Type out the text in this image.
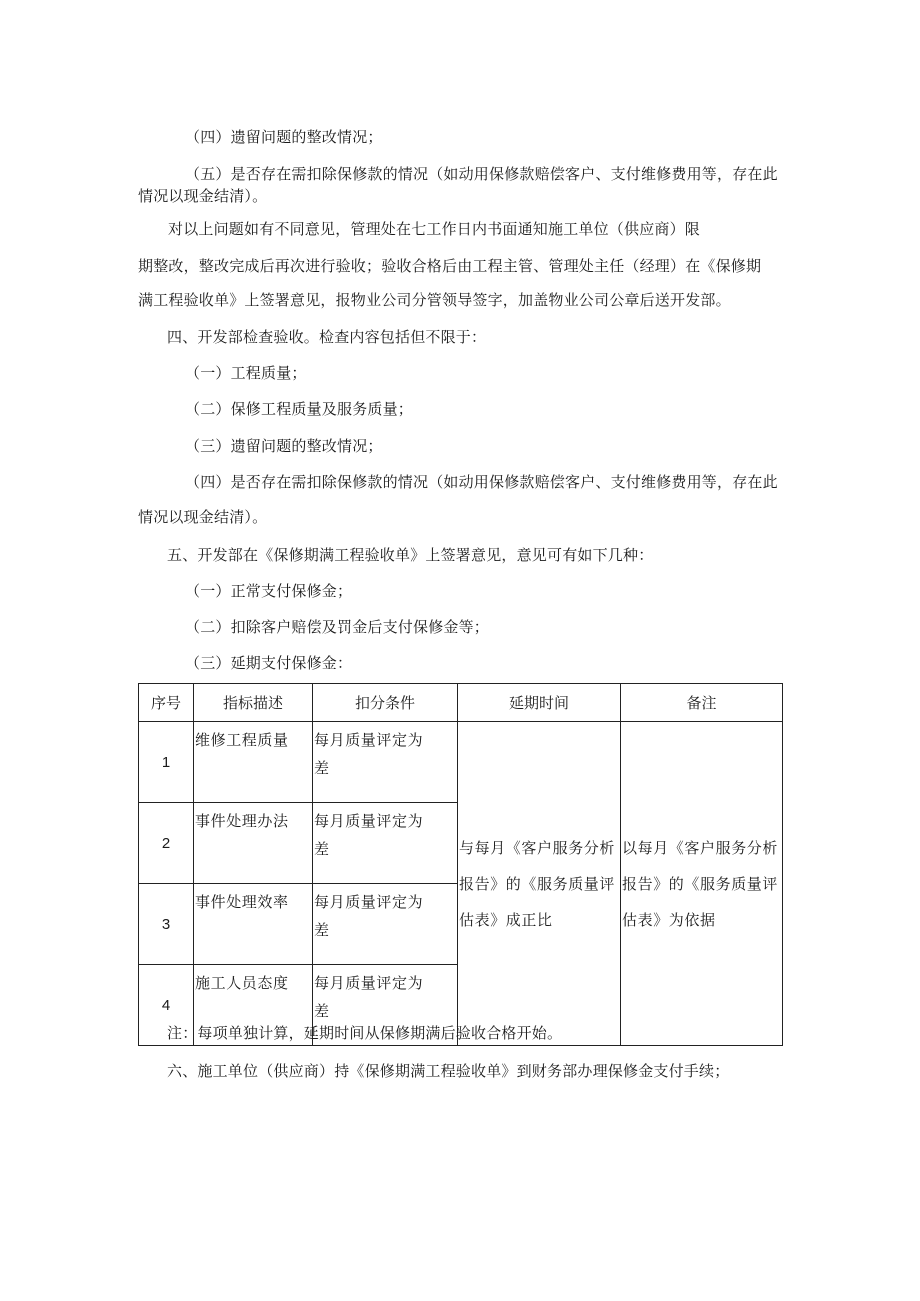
（四）遗留问题的整改情况；
（五）是否存在需扣除保修款的情况（如动用保修款赔偿客户、支付维修费用等，存在此
情况以现金结清）。
对以上问题如有不同意见，管理处在七工作日内书面通知施工单位（供应商）限
期整改，整改完成后再次进行验收；验收合格后由工程主管、管理处主任（经理）在《保修期
满工程验收单》上签署意见，报物业公司分管领导签字，加盖物业公司公章后送开发部。
四、开发部检查验收。检查内容包括但不限于：
（一）工程质量；
（二）保修工程质量及服务质量；
（三）遗留问题的整改情况；
（四）是否存在需扣除保修款的情况（如动用保修款赔偿客户、支付维修费用等，存在此
情况以现金结清）。
五、开发部在《保修期满工程验收单》上签署意见，意见可有如下几种：
（一）正常支付保修金；
（二）扣除客户赔偿及罚金后支付保修金等；
（三）延期支付保修金：
序号	指标描述	扣分条件	延期时间	备注
1	维修工程质量	每月质量评定为
差	与每月《客户服务分析
报告》的《服务质量评
估表》成正比	以每月《客户服务分析
报告》的《服务质量评
估表》为依据

2	事件处理办法	每月质量评定为
差		

3	事件处理效率	每月质量评定为
差		

4	施工人员态度	每月质量评定为
差		
注：每项单独计算，延期时间从保修期满后验收合格开始。
六、施工单位（供应商）持《保修期满工程验收单》到财务部办理保修金支付手续；
